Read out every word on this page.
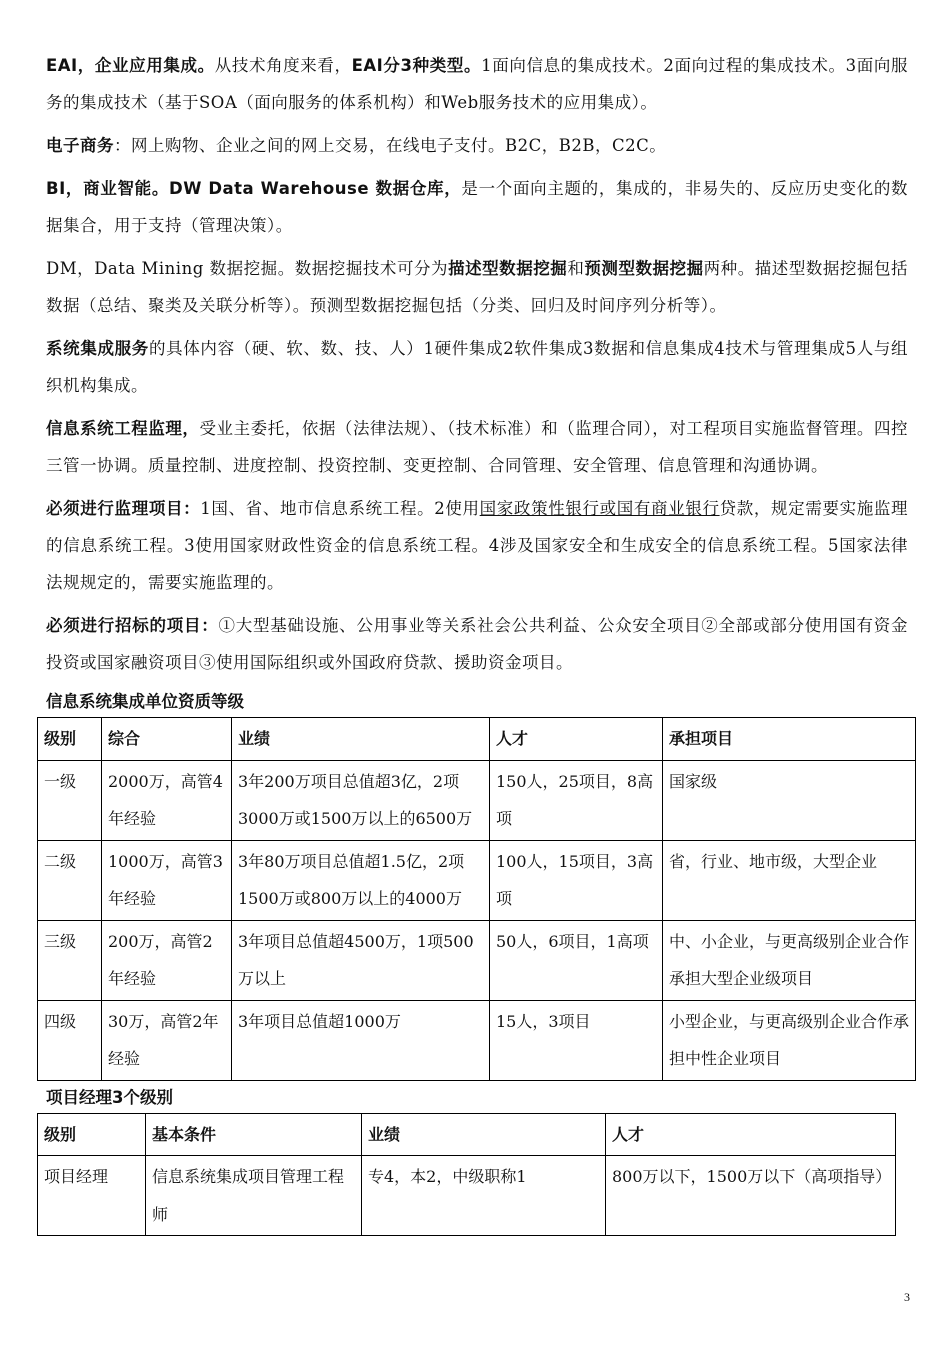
EAI，企业应用集成。从技术角度来看，EAI分3种类型。1面向信息的集成技术。2面向过程的集成技术。3面向服务的集成技术（基于SOA（面向服务的体系机构）和Web服务技术的应用集成）。

电子商务：网上购物、企业之间的网上交易，在线电子支付。B2C，B2B，C2C。

BI，商业智能。DW Data Warehouse 数据仓库，是一个面向主题的，集成的，非易失的、反应历史变化的数据集合，用于支持（管理决策）。

DM，Data Mining 数据挖掘。数据挖掘技术可分为描述型数据挖掘和预测型数据挖掘两种。描述型数据挖掘包括数据（总结、聚类及关联分析等）。预测型数据挖掘包括（分类、回归及时间序列分析等）。

系统集成服务的具体内容（硬、软、数、技、人）1硬件集成2软件集成3数据和信息集成4技术与管理集成5人与组织机构集成。

信息系统工程监理，受业主委托，依据（法律法规）、（技术标准）和（监理合同），对工程项目实施监督管理。四控三管一协调。质量控制、进度控制、投资控制、变更控制、合同管理、安全管理、信息管理和沟通协调。

必须进行监理项目：1国、省、地市信息系统工程。2使用国家政策性银行或国有商业银行贷款，规定需要实施监理的信息系统工程。3使用国家财政性资金的信息系统工程。4涉及国家安全和生成安全的信息系统工程。5国家法律法规规定的，需要实施监理的。

必须进行招标的项目：①大型基础设施、公用事业等关系社会公共利益、公众安全项目②全部或部分使用国有资金投资或国家融资项目③使用国际组织或外国政府贷款、援助资金项目。

信息系统集成单位资质等级
级别	综合	业绩	人才	承担项目
一级	2000万，高管4年经验	3年200万项目总值超3亿，2项3000万或1500万以上的6500万	150人，25项目，8高项	国家级
二级	1000万，高管3年经验	3年80万项目总值超1.5亿，2项1500万或800万以上的4000万	100人，15项目，3高项	省，行业、地市级，大型企业
三级	200万，高管2年经验	3年项目总值超4500万，1项500万以上	50人，6项目，1高项	中、小企业，与更高级别企业合作承担大型企业级项目
四级	30万，高管2年经验	3年项目总值超1000万	15人，3项目	小型企业，与更高级别企业合作承担中性企业项目
项目经理3个级别
级别	基本条件	业绩	人才
项目经理	信息系统集成项目管理工程师	专4，本2，中级职称1	800万以下，1500万以下（高项指导）
3
